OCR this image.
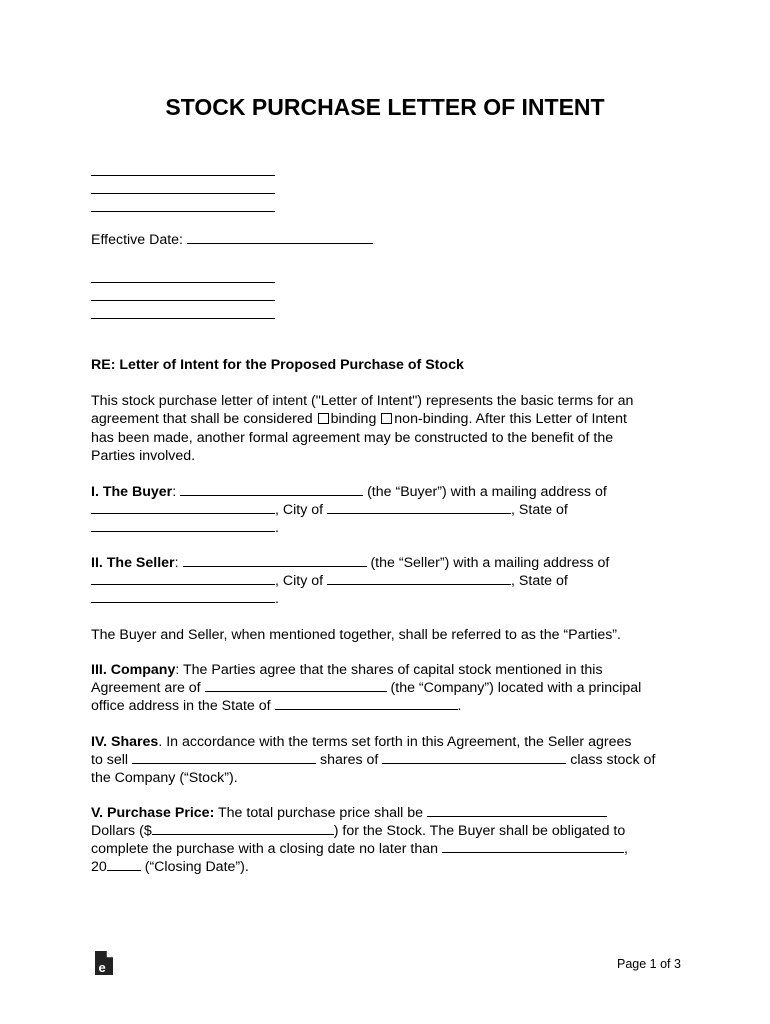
STOCK PURCHASE LETTER OF INTENT
Effective Date:
RE: Letter of Intent for the Proposed Purchase of Stock
This stock purchase letter of intent ("Letter of Intent") represents the basic terms for an
agreement that shall be considered binding non-binding. After this Letter of Intent
has been made, another formal agreement may be constructed to the benefit of the
Parties involved.
I. The Buyer:	(the “Buyer”) with a mailing address of
, City of	, State of
.
II. The Seller:	(the “Seller”) with a mailing address of
, City of	, State of
.
The Buyer and Seller, when mentioned together, shall be referred to as the “Parties”.
III. Company: The Parties agree that the shares of capital stock mentioned in this
Agreement are of	(the “Company”) located with a principal
office address in the State of	.
IV. Shares. In accordance with the terms set forth in this Agreement, the Seller agrees
to sell	shares of	class stock of
the Company (“Stock”).
V. Purchase Price: The total purchase price shall be
Dollars ($	) for the Stock. The Buyer shall be obligated to
complete the purchase with a closing date no later than	,
20	(“Closing Date”).
e	Page 1 of 3
